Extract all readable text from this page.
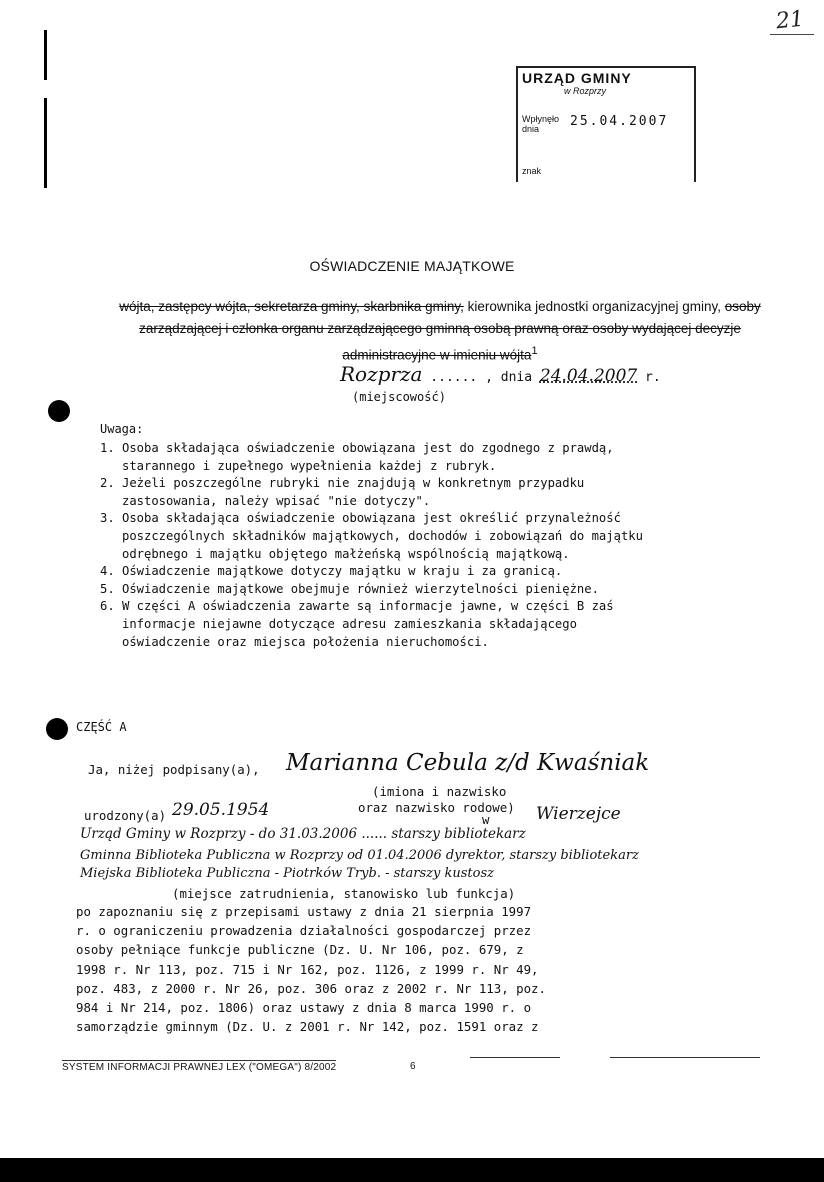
21
URZĄD GMINY
w Rozprzy
Wpłynęło dnia	25.04.2007
znak
OŚWIADCZENIE MAJĄTKOWE
wójta, zastępcy wójta, sekretarza gminy, skarbnika gminy, kierownika jednostki organizacyjnej gminy, osoby zarządzającej i członka organu zarządzającego gminną osobą prawną oraz osoby wydającej decyzje administracyjne w imieniu wójta$^1$
Rozprza ...... , dnia 24.04.2007 r.
(miejscowość)
Uwaga:
1. Osoba składająca oświadczenie obowiązana jest do zgodnego z prawdą, starannego i zupełnego wypełnienia każdej z rubryk.
2. Jeżeli poszczególne rubryki nie znajdują w konkretnym przypadku zastosowania, należy wpisać "nie dotyczy".
3. Osoba składająca oświadczenie obowiązana jest określić przynależność poszczególnych składników majątkowych, dochodów i zobowiązań do majątku odrębnego i majątku objętego małżeńską wspólnością majątkową.
4. Oświadczenie majątkowe dotyczy majątku w kraju i za granicą.
5. Oświadczenie majątkowe obejmuje również wierzytelności pieniężne.
6. W części A oświadczenia zawarte są informacje jawne, w części B zaś informacje niejawne dotyczące adresu zamieszkania składającego oświadczenie oraz miejsca położenia nieruchomości.
CZĘŚĆ A
Ja, niżej podpisany(a), Marianna Cebula z/d Kwaśniak
(imiona i nazwisko
oraz nazwisko rodowe)
urodzony(a) 29.05.1954	w	Wierzejce
Urząd Gminy w Rozprzy - do 31.03.2006 ...... starszy bibliotekarz
Gminna Biblioteka Publiczna w Rozprzy od 01.04.2006 dyrektor, starszy bibliotekarz
Miejska Biblioteka Publiczna - Piotrków Tryb. - starszy kustosz
(miejsce zatrudnienia, stanowisko lub funkcja)
po zapoznaniu się z przepisami ustawy z dnia 21 sierpnia 1997
r. o ograniczeniu prowadzenia działalności gospodarczej przez
osoby pełniące funkcje publiczne (Dz. U. Nr 106, poz. 679, z
1998 r. Nr 113, poz. 715 i Nr 162, poz. 1126, z 1999 r. Nr 49,
poz. 483, z 2000 r. Nr 26, poz. 306 oraz z 2002 r. Nr 113, poz.
984 i Nr 214, poz. 1806) oraz ustawy z dnia 8 marca 1990 r. o
samorządzie gminnym (Dz. U. z 2001 r. Nr 142, poz. 1591 oraz z
SYSTEM INFORMACJI PRAWNEJ LEX ("OMEGA") 8/2002	6
